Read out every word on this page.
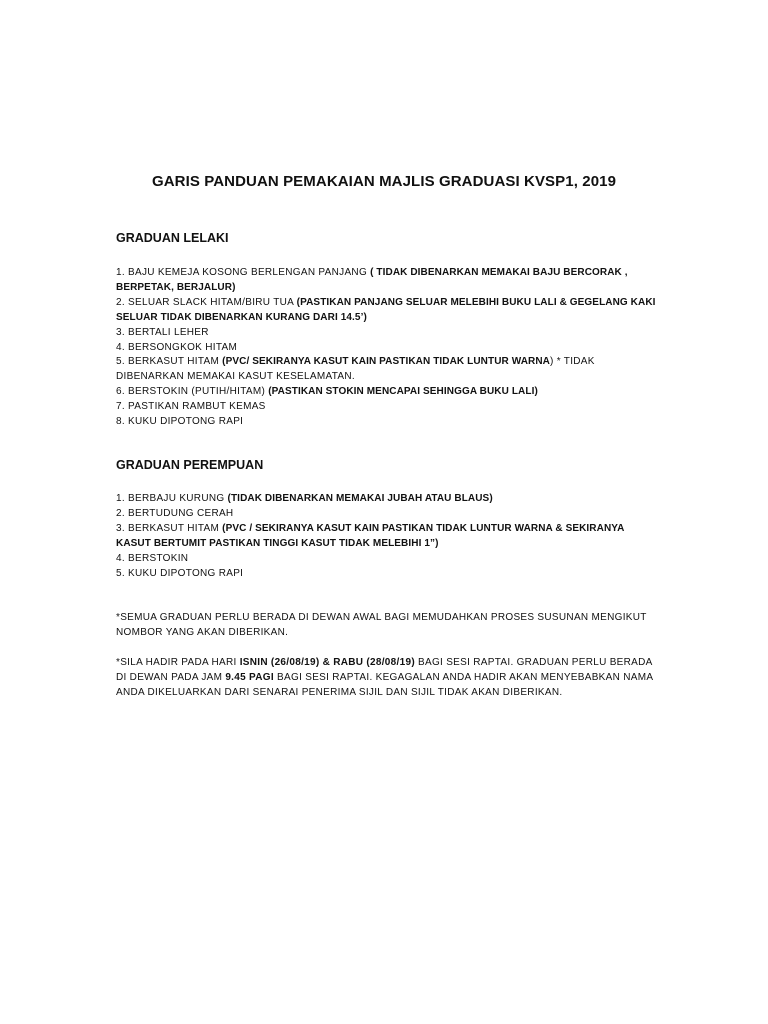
GARIS PANDUAN PEMAKAIAN MAJLIS GRADUASI KVSP1, 2019
GRADUAN LELAKI
1. BAJU KEMEJA KOSONG BERLENGAN PANJANG ( TIDAK DIBENARKAN MEMAKAI BAJU BERCORAK , BERPETAK, BERJALUR)
2. SELUAR SLACK HITAM/BIRU TUA (PASTIKAN PANJANG SELUAR MELEBIHI BUKU LALI & GEGELANG KAKI SELUAR TIDAK DIBENARKAN KURANG DARI 14.5’)
3. BERTALI LEHER
4. BERSONGKOK HITAM
5. BERKASUT HITAM (PVC/ SEKIRANYA KASUT KAIN PASTIKAN TIDAK LUNTUR WARNA) * TIDAK DIBENARKAN MEMAKAI KASUT KESELAMATAN.
6. BERSTOKIN (PUTIH/HITAM) (PASTIKAN STOKIN MENCAPAI SEHINGGA BUKU LALI)
7. PASTIKAN RAMBUT KEMAS
8. KUKU DIPOTONG RAPI
GRADUAN PEREMPUAN
1. BERBAJU KURUNG (TIDAK DIBENARKAN MEMAKAI JUBAH ATAU BLAUS)
2. BERTUDUNG CERAH
3. BERKASUT HITAM (PVC / SEKIRANYA KASUT KAIN PASTIKAN TIDAK LUNTUR WARNA & SEKIRANYA KASUT BERTUMIT PASTIKAN TINGGI KASUT TIDAK MELEBIHI 1”)
4. BERSTOKIN
5. KUKU DIPOTONG RAPI
*SEMUA GRADUAN PERLU BERADA DI DEWAN AWAL BAGI MEMUDAHKAN PROSES SUSUNAN MENGIKUT NOMBOR YANG AKAN DIBERIKAN.
*SILA HADIR PADA HARI ISNIN (26/08/19) & RABU (28/08/19) BAGI SESI RAPTAI. GRADUAN PERLU BERADA DI DEWAN PADA JAM 9.45 PAGI BAGI SESI RAPTAI. KEGAGALAN ANDA HADIR AKAN MENYEBABKAN NAMA ANDA DIKELUARKAN DARI SENARAI PENERIMA SIJIL DAN SIJIL TIDAK AKAN DIBERIKAN.
